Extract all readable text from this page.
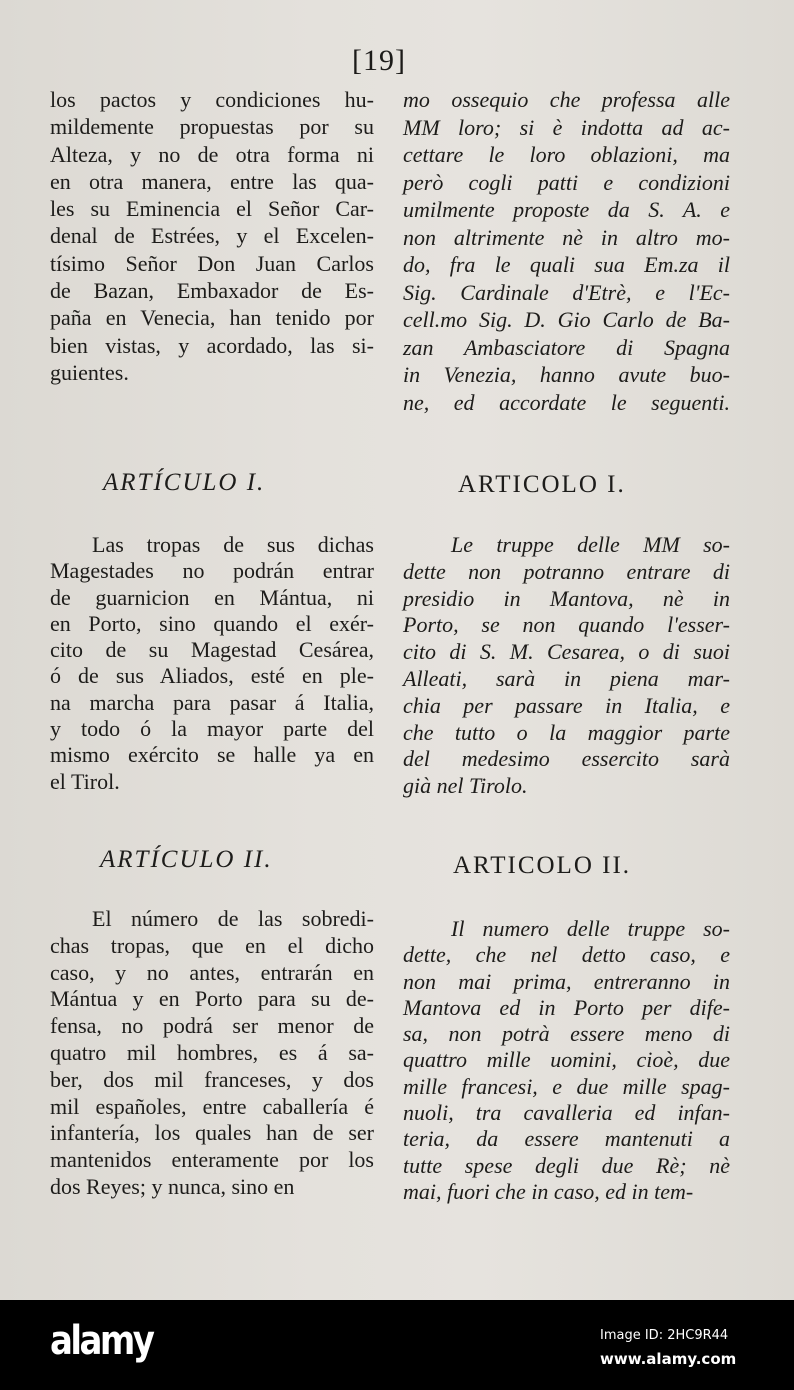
[19]
los pactos y condiciones hu-
mildemente propuestas por su
Alteza, y no de otra forma ni
en otra manera, entre las qua-
les su Eminencia el Señor Car-
denal de Estrées, y el Excelen-
tísimo Señor Don Juan Carlos
de Bazan, Embaxador de Es-
paña en Venecia, han tenido por
bien vistas, y acordado, las si-
guientes.
ARTÍCULO I.
Las tropas de sus dichas
Magestades no podrán entrar
de guarnicion en Mántua, ni
en Porto, sino quando el exér-
cito de su Magestad Cesárea,
ó de sus Aliados, esté en ple-
na marcha para pasar á Italia,
y todo ó la mayor parte del
mismo exército se halle ya en
el Tirol.
ARTÍCULO II.
El número de las sobredi-
chas tropas, que en el dicho
caso, y no antes, entrarán en
Mántua y en Porto para su de-
fensa, no podrá ser menor de
quatro mil hombres, es á sa-
ber, dos mil franceses, y dos
mil españoles, entre caballería é
infantería, los quales han de ser
mantenidos enteramente por los
dos Reyes; y nunca, sino en
mo ossequio che professa alle
MM loro; si è indotta ad ac-
cettare le loro oblazioni, ma
però cogli patti e condizioni
umilmente proposte da S. A. e
non altrimente nè in altro mo-
do, fra le quali sua Em.za il
Sig. Cardinale d'Etrè, e l'Ec-
cell.mo Sig. D. Gio Carlo de Ba-
zan Ambasciatore di Spagna
in Venezia, hanno avute buo-
ne, ed accordate le seguenti.
ARTICOLO I.
Le truppe delle MM so-
dette non potranno entrare di
presidio in Mantova, nè in
Porto, se non quando l'esser-
cito di S. M. Cesarea, o di suoi
Alleati, sarà in piena mar-
chia per passare in Italia, e
che tutto o la maggior parte
del medesimo essercito sarà
già nel Tirolo.
ARTICOLO II.
Il numero delle truppe so-
dette, che nel detto caso, e
non mai prima, entreranno in
Mantova ed in Porto per dife-
sa, non potrà essere meno di
quattro mille uomini, cioè, due
mille francesi, e due mille spag-
nuoli, tra cavalleria ed infan-
teria, da essere mantenuti a
tutte spese degli due Rè; nè
mai, fuori che in caso, ed in tem-
alamy	Image ID: 2HC9R44
www.alamy.com
